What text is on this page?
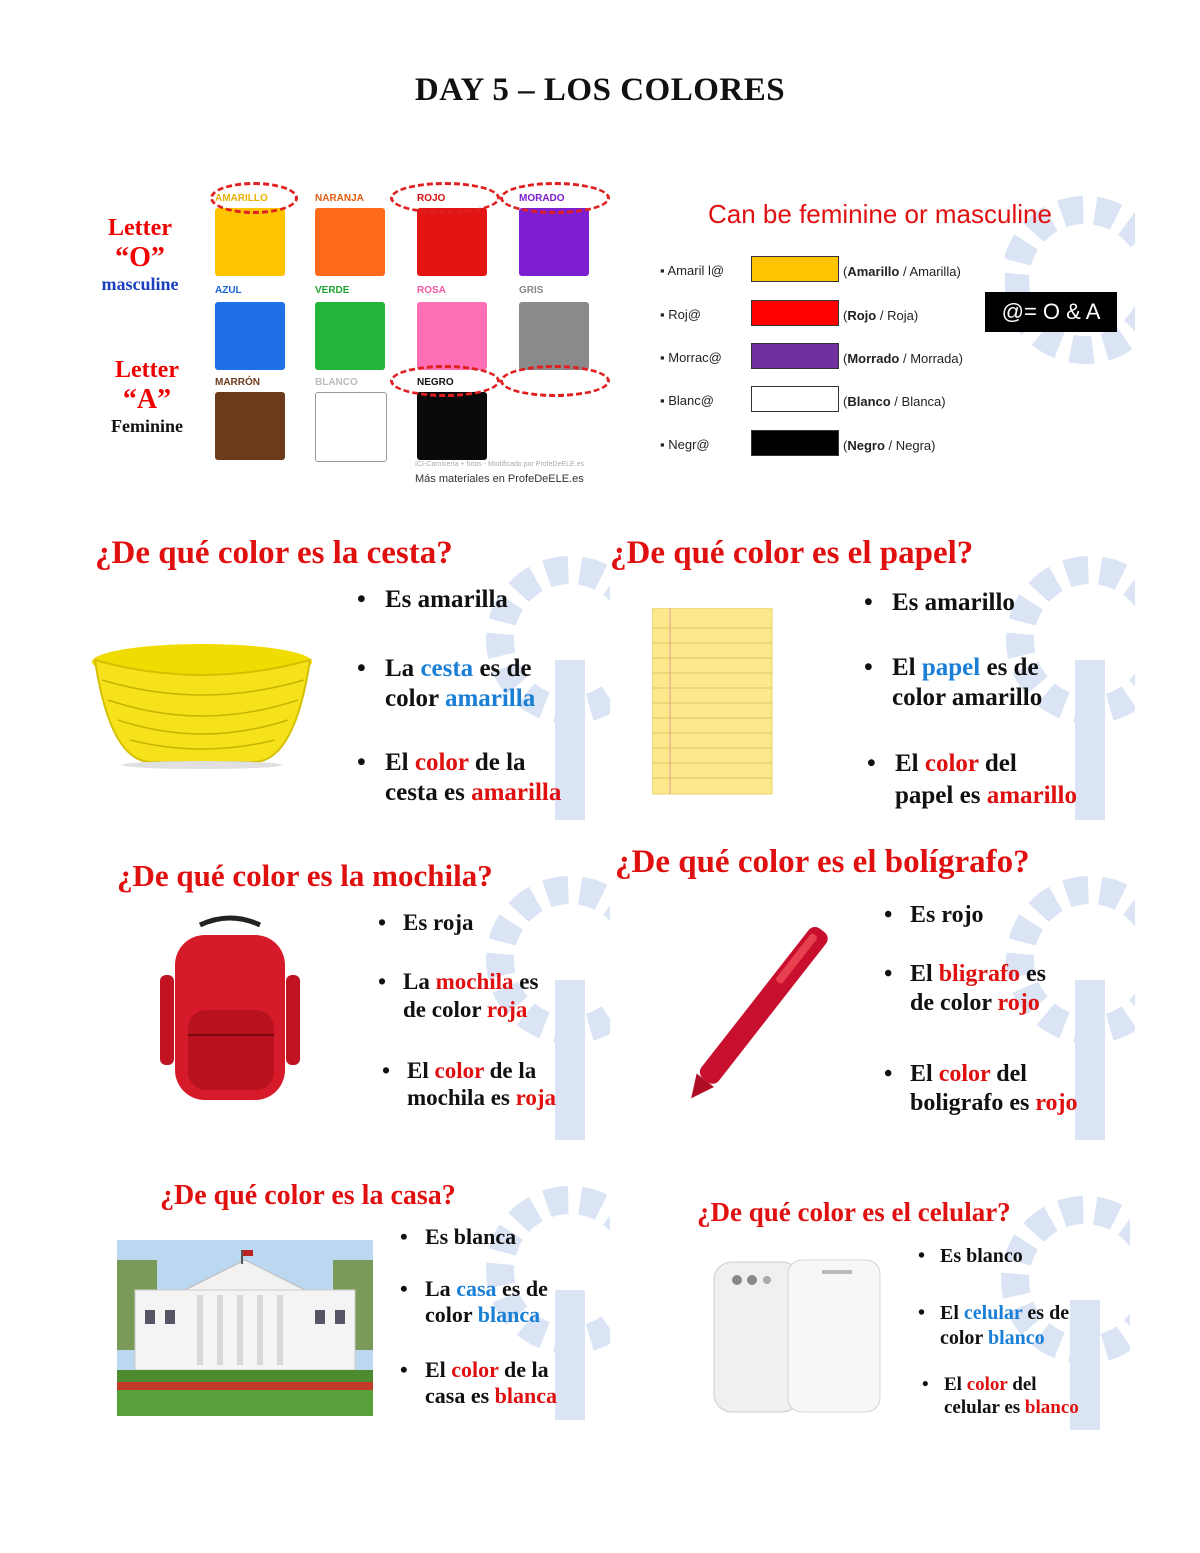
DAY 5 – LOS COLORES
Letter
“O”
masculine
Letter
“A”
Feminine
AMARILLO	NARANJA	ROJO	MORADO
AZUL	VERDE	ROSA	GRIS
MARRÓN	BLANCO	NEGRO
ICI-Carnicería + fotos - Modificado por ProfeDeELE.es
Más materiales en ProfeDeELE.es
Can be feminine or masculine
▪ Amaril l@	(Amarillo / Amarilla)
▪ Roj@	(Rojo / Roja)
▪ Morrac@	(Morrado / Morrada)
▪ Blanc@	(Blanco / Blanca)
▪ Negr@	(Negro / Negra)
@= O & A
¿De qué color es la cesta?
• Es amarilla
• La cesta es de
color amarilla
• El color de la
cesta es amarilla
¿De qué color es el papel?
• Es amarillo
• El papel es de
color amarillo
• El color del
papel es amarillo
¿De qué color es la mochila?
• Es roja
• La mochila es
de color roja
• El color de la
mochila es roja
¿De qué color es el bolígrafo?
• Es rojo
• El bligrafo es
de color rojo
• El color del
boligrafo es rojo
¿De qué color es la casa?
• Es blanca
• La casa es de
color blanca
• El color de la
casa es blanca
¿De qué color es el celular?
• Es blanco
• El celular es de
color blanco
• El color del
celular es blanco
